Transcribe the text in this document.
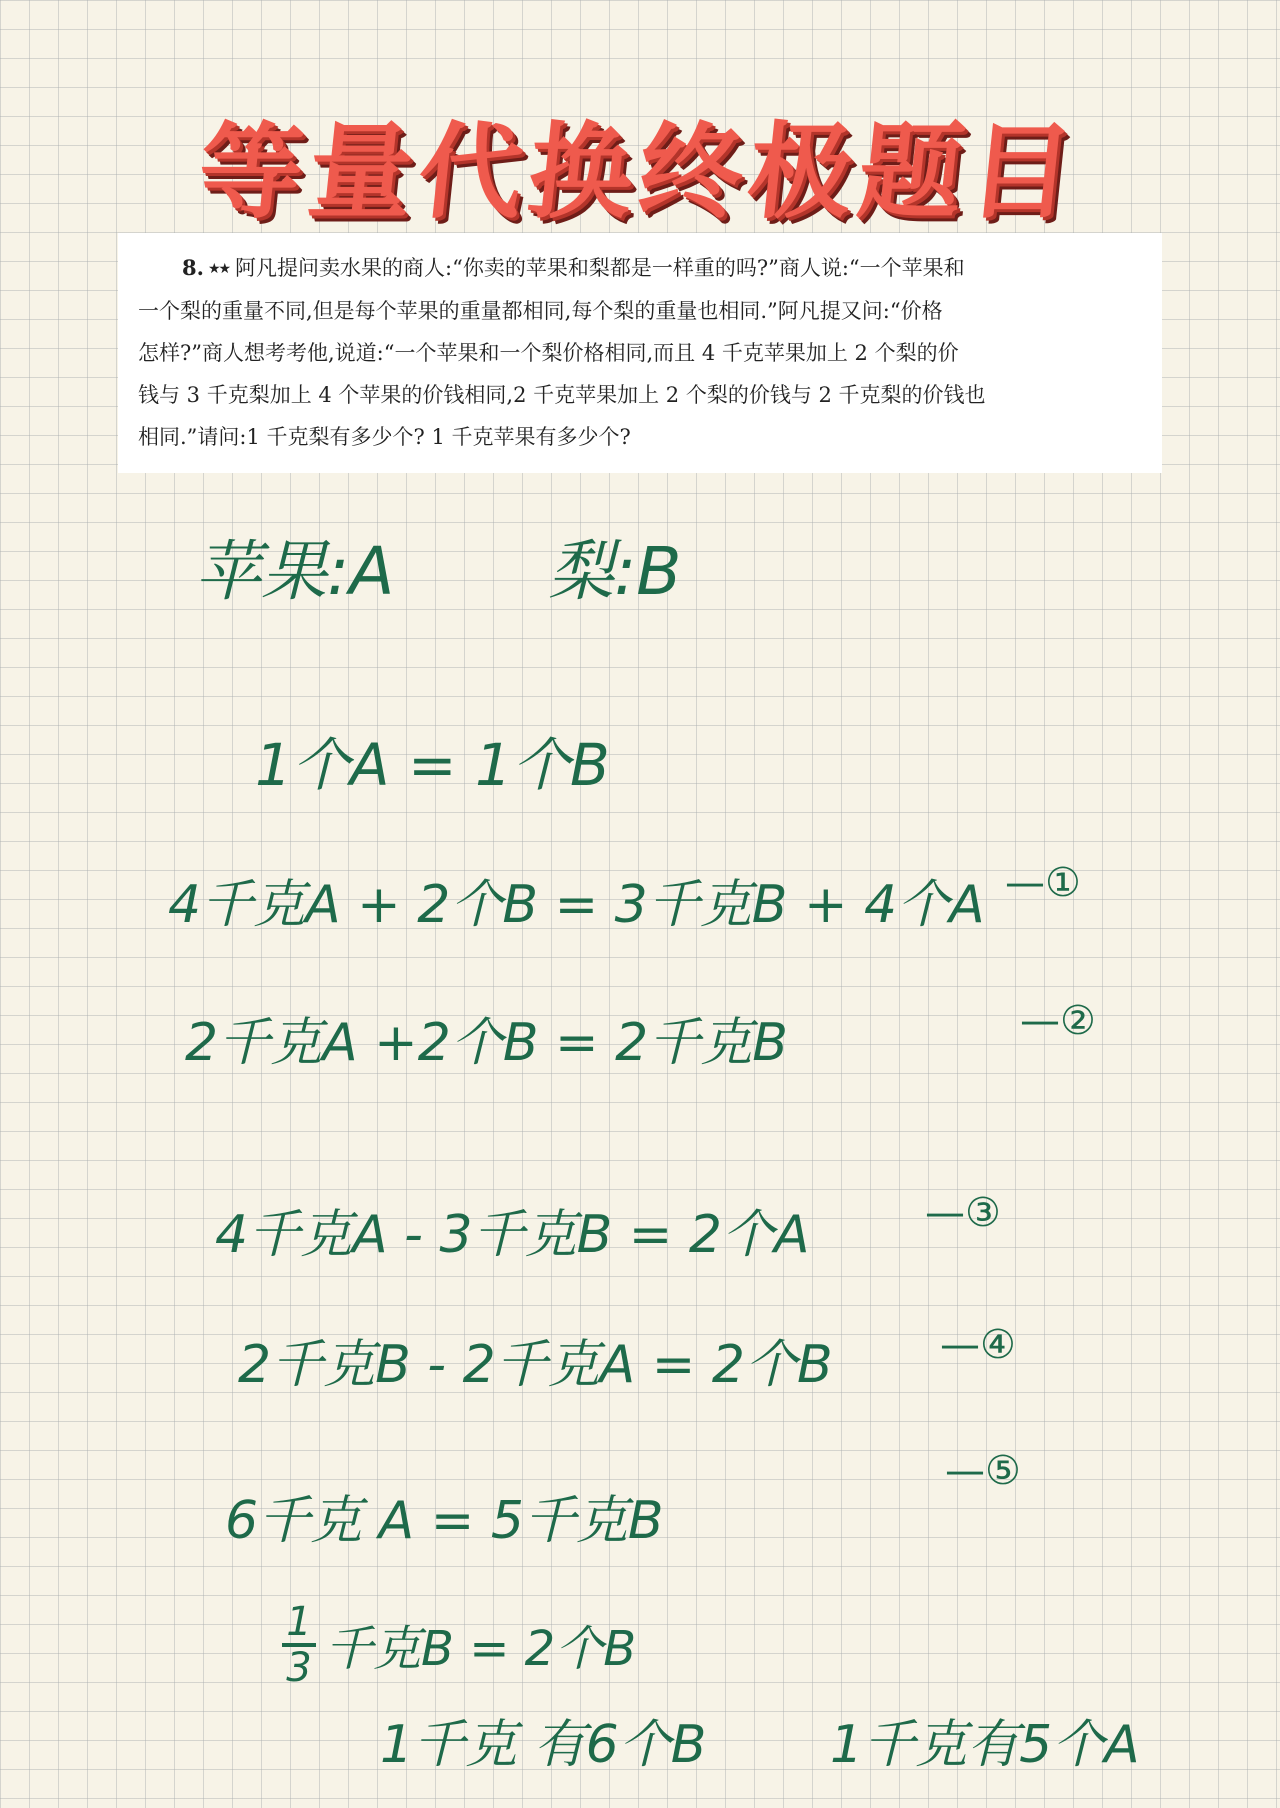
等量代换终极题目
8. ★★ 阿凡提问卖水果的商人:“你卖的苹果和梨都是一样重的吗?”商人说:“一个苹果和
一个梨的重量不同,但是每个苹果的重量都相同,每个梨的重量也相同.”阿凡提又问:“价格
怎样?”商人想考考他,说道:“一个苹果和一个梨价格相同,而且 4 千克苹果加上 2 个梨的价
钱与 3 千克梨加上 4 个苹果的价钱相同,2 千克苹果加上 2 个梨的价钱与 2 千克梨的价钱也
相同.”请问:1 千克梨有多少个? 1 千克苹果有多少个?
苹果:A 梨:B
1个A = 1个B
4千克A + 2个B = 3千克B + 4个A —①
2千克A +2个B = 2千克B	—②
4千克A - 3千克B = 2个A	—③
2千克B - 2千克A = 2个B	—④
6千克 A = 5千克B
—⑤
1
3 千克B = 2个B
1千克 有6个B 1千克有5个A
